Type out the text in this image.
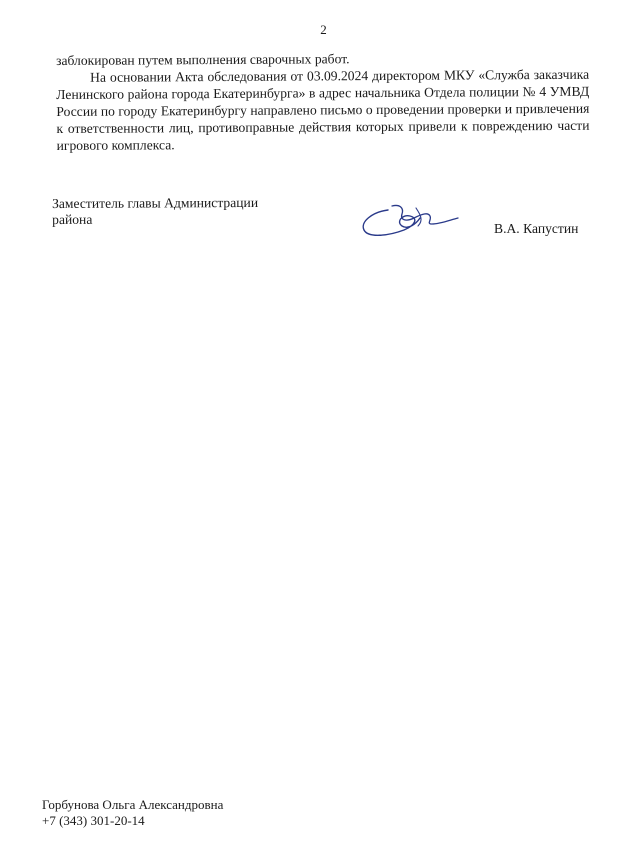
2

заблокирован путем выполнения сварочных работ.

На основании Акта обследования от 03.09.2024 директором МКУ «Служба заказчика Ленинского района города Екатеринбурга» в адрес начальника Отдела полиции № 4 УМВД России по городу Екатеринбургу направлено письмо о проведении проверки и привлечения к ответственности лиц, противоправные действия которых привели к повреждению части игрового комплекса.

Заместитель главы Администрации района
В.А. Капустин
Горбунова Ольга Александровна
+7 (343) 301-20-14
